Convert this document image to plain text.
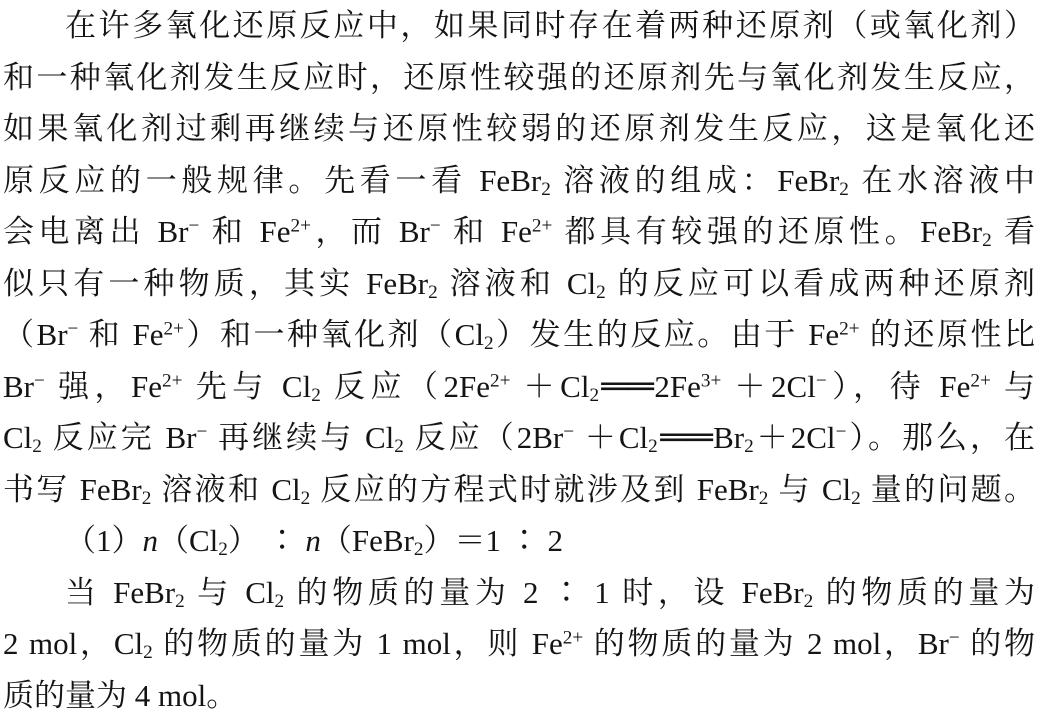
在许多氧化还原反应中，如果同时存在着两种还原剂（或氧化剂）
和一种氧化剂发生反应时，还原性较强的还原剂先与氧化剂发生反应，
如果氧化剂过剩再继续与还原性较弱的还原剂发生反应，这是氧化还
原反应的一般规律。先看一看 FeBr$_2$ 溶液的组成：FeBr$_2$ 在水溶液中
会电离出 Br− 和 $Fe^{2+}$，而 Br− 和 $Fe^{2+}$ 都具有较强的还原性。FeBr$_2$ 看
似只有一种物质，其实 FeBr$_2$ 溶液和 $Cl_2$ 的反应可以看成两种还原剂
（Br− 和 $Fe^{2+}$）和一种氧化剂$(Cl_2)$发生的反应。由于 $Fe^{2+}$ 的还原性比
Br− 强，$Fe^{2+}$ 先与 $Cl_2$ 反应（$2Fe^{2+}$ $+Cl_2══2Fe^{3+} +2Cl^-$），待 $Fe^{2+}$ 与
$Cl_2$ 反应完 Br− 再继续与 $Cl_2$ 反应$(2Br^- +Cl_2══Br_2+2Cl^-)$。那么，在
书写 FeBr$_2$ 溶液和 $Cl_2$ 反应的方程式时就涉及到 FeBr$_2$ 与 $Cl_2$ 量的问题。
$(1)n(Cl_2)$ ∶ n（FeBr$_2$）＝1 ∶ 2
当 FeBr$_2$ 与 $Cl_2$ 的物质的量为 2 ∶ 1 时，设 FeBr$_2$ 的物质的量为
2 mol，$Cl_2$ 的物质的量为 1 mol，则 $Fe^{2+}$ 的物质的量为 2 mol，Br− 的物
质的量为 4 mol。
